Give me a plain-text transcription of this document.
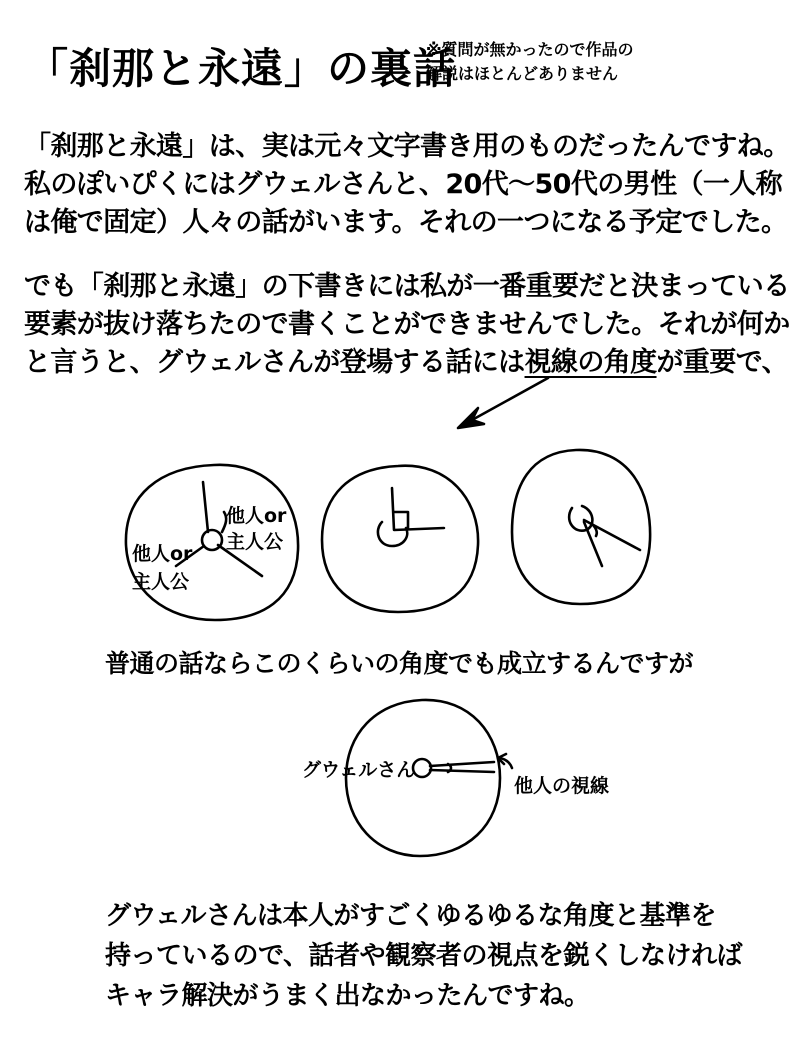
「刹那と永遠」の裏話
※質問が無かったので作品の
解説はほとんどありません
「刹那と永遠」は、実は元々文字書き用のものだったんですね。
私のぽいぴくにはグウェルさんと、20代〜50代の男性（一人称
は俺で固定）人々の話がいます。それの一つになる予定でした。
でも「刹那と永遠」の下書きには私が一番重要だと決まっている
要素が抜け落ちたので書くことができませんでした。それが何か
と言うと、グウェルさんが登場する話には視線の角度が重要で、
他人or
主人公
他人or
主人公
グウェルさん
他人の視線
普通の話ならこのくらいの角度でも成立するんですが
グウェルさんは本人がすごくゆるゆるな角度と基準を
持っているので、話者や観察者の視点を鋭くしなければ
キャラ解決がうまく出なかったんですね。
